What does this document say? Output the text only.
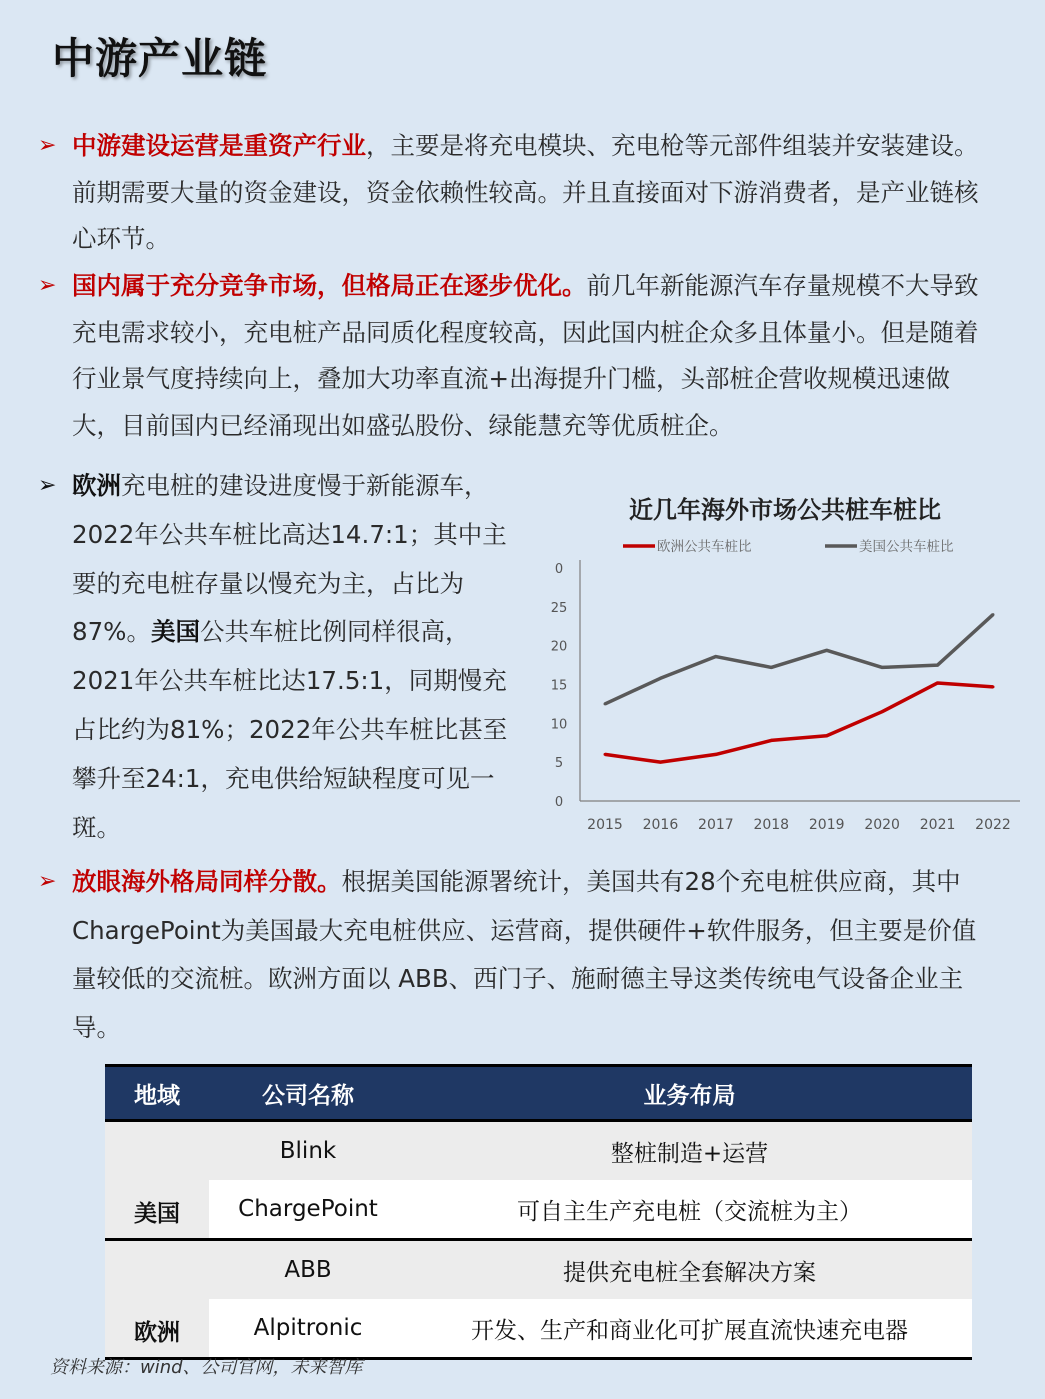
中游产业链
➢ 中游建设运营是重资产行业，主要是将充电模块、充电枪等元部件组装并安装建设。前期需要大量的资金建设，资金依赖性较高。并且直接面对下游消费者，是产业链核心环节。
➢ 国内属于充分竞争市场，但格局正在逐步优化。前几年新能源汽车存量规模不大导致充电需求较小，充电桩产品同质化程度较高，因此国内桩企众多且体量小。但是随着行业景气度持续向上，叠加大功率直流+出海提升门槛，头部桩企营收规模迅速做大，目前国内已经涌现出如盛弘股份、绿能慧充等优质桩企。
➢ 欧洲充电桩的建设进度慢于新能源车，2022年公共车桩比高达14.7:1；其中主要的充电桩存量以慢充为主，占比为87%。美国公共车桩比例同样很高，2021年公共车桩比达17.5:1，同期慢充占比约为81%；2022年公共车桩比甚至攀升至24:1，充电供给短缺程度可见一斑。
近几年海外市场公共桩车桩比
欧洲公共车桩比	美国公共车桩比
0
5
10
15
20
25
0
2015 2016 2017 2018 2019 2020 2021 2022
➢ 放眼海外格局同样分散。根据美国能源署统计，美国共有28个充电桩供应商，其中ChargePoint为美国最大充电桩供应、运营商，提供硬件+软件服务，但主要是价值量较低的交流桩。欧洲方面以 ABB、西门子、施耐德主导这类传统电气设备企业主导。
地域	公司名称	业务布局
美国	Blink	整桩制造+运营
	ChargePoint	可自主生产充电桩（交流桩为主）
欧洲	ABB	提供充电桩全套解决方案
	Alpitronic	开发、生产和商业化可扩展直流快速充电器
资料来源：wind、公司官网，未来智库
